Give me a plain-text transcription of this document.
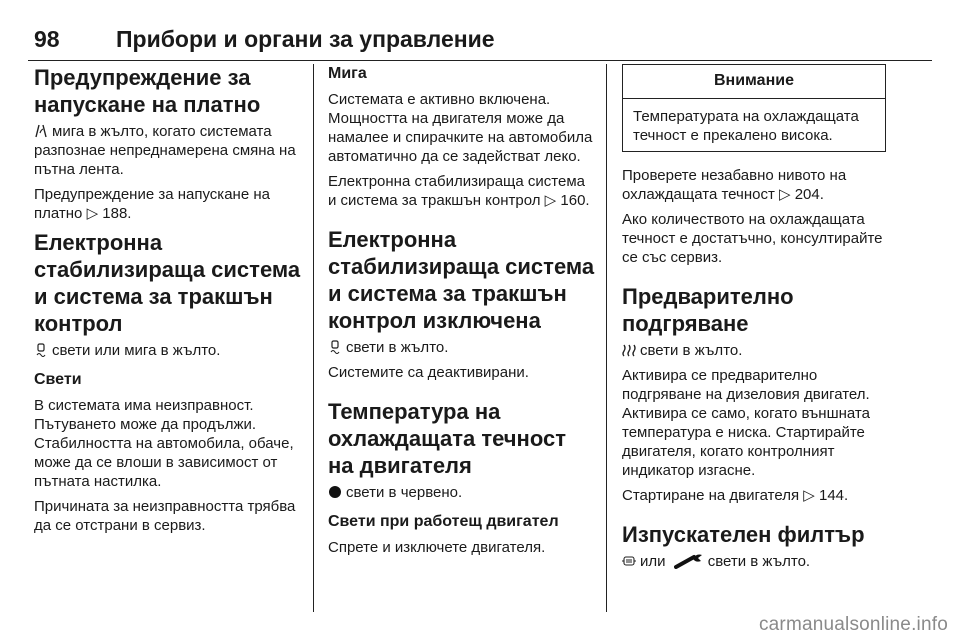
98 Прибори и органи за управление
Предупреждение за напускане на платно

мига в жълто, когато системата разпознае непреднамерена смяна на пътна лента.

Предупреждение за напускане на платно ▷ 188.

Електронна стабилизираща система и система за тракшън контрол

свети или мига в жълто.

Свети

В системата има неизправност. Пътуването може да продължи. Стабилността на автомобила, обаче, може да се влоши в зависимост от пътната настилка.

Причината за неизправността трябва да се отстрани в сервиз.

Мига

Системата е активно включена. Мощността на двигателя може да намалее и спирачките на автомобила автоматично да се задействат леко.

Електронна стабилизираща система и система за тракшън контрол ▷ 160.

Електронна стабилизираща система и система за тракшън контрол изключена

свети в жълто.

Системите са деактивирани.

Температура на охлаждащата течност на двигателя

свети в червено.

Свети при работещ двигател

Спрете и изключете двигателя.

Внимание
Температурата на охлаждащата течност е прекалено висока.

Проверете незабавно нивото на охлаждащата течност ▷ 204.

Ако количеството на охлаждащата течност е достатъчно, консултирайте се със сервиз.

Предварително подгряване

свети в жълто.

Активира се предварително подгряване на дизеловия двигател. Активира се само, когато външната температура е ниска. Стартирайте двигателя, когато контролният индикатор изгасне.

Стартиране на двигателя ▷ 144.

Изпускателен филтър

или	свети в жълто.

carmanualsonline.info
